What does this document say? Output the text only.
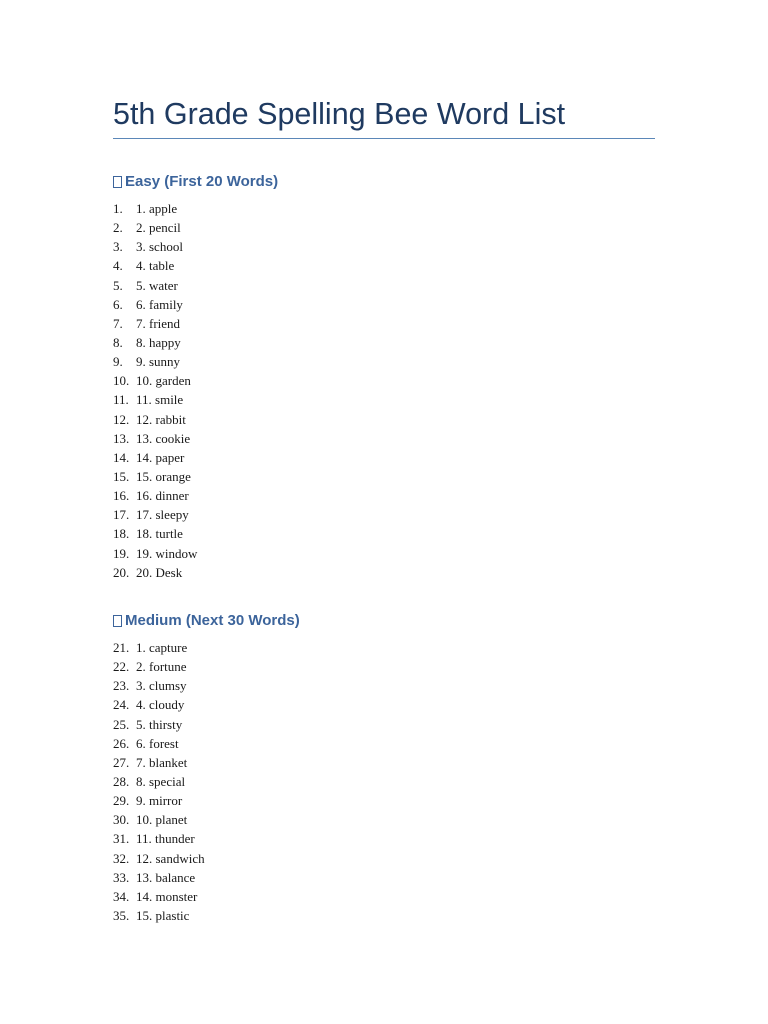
5th Grade Spelling Bee Word List
Easy (First 20 Words)
1.	1. apple
2.	2. pencil
3.	3. school
4.	4. table
5.	5. water
6.	6. family
7.	7. friend
8.	8. happy
9.	9. sunny
10. 10. garden
11. 11. smile
12. 12. rabbit
13. 13. cookie
14. 14. paper
15. 15. orange
16. 16. dinner
17. 17. sleepy
18. 18. turtle
19. 19. window
20. 20. Desk
Medium (Next 30 Words)
21. 1. capture
22. 2. fortune
23. 3. clumsy
24. 4. cloudy
25. 5. thirsty
26. 6. forest
27. 7. blanket
28. 8. special
29. 9. mirror
30. 10. planet
31. 11. thunder
32. 12. sandwich
33. 13. balance
34. 14. monster
35. 15. plastic
